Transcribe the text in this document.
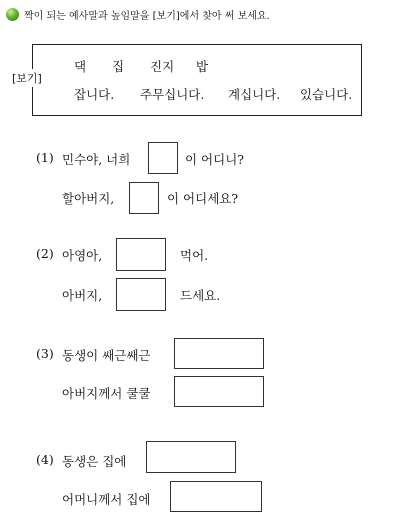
짝이 되는 예사말과 높임말을 [보기]에서 찾아 써 보세요.
[보기]
댁 집 진지 밥
잡니다. 주무십니다. 계십니다. 있습니다.
(1) 민수야, 너희	이 어디니?
할아버지,	이 어디세요?
(2) 아영아,	먹어.
아버지,	드세요.
(3) 동생이 쌔근쌔근
아버지께서 쿨쿨
(4) 동생은 집에
어머니께서 집에
